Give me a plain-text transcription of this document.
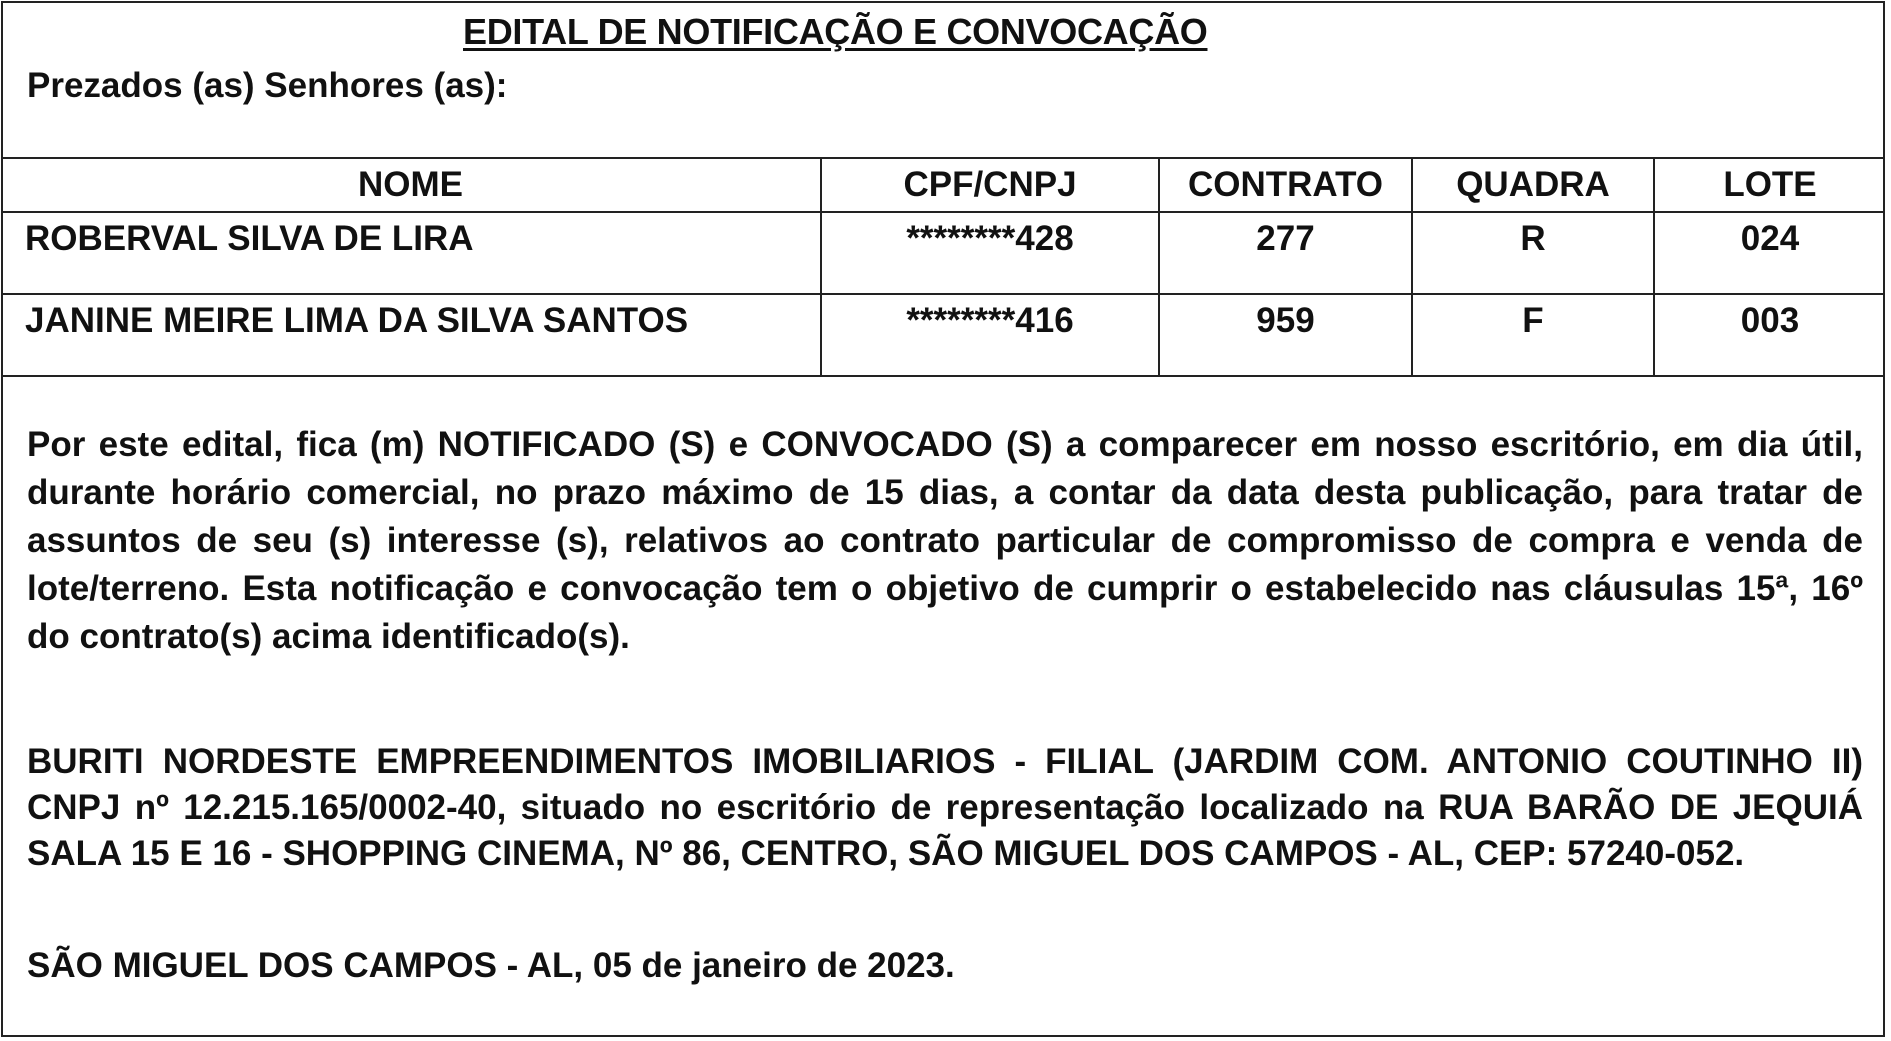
EDITAL DE NOTIFICAÇÃO E CONVOCAÇÃO
Prezados (as) Senhores (as):
NOME	CPF/CNPJ	CONTRATO	QUADRA	LOTE
ROBERVAL SILVA DE LIRA	********428	277	R	024
JANINE MEIRE LIMA DA SILVA SANTOS	********416	959	F	003

Por este edital, fica (m) NOTIFICADO (S) e CONVOCADO (S) a comparecer em nosso escritório, em dia útil, durante horário comercial, no prazo máximo de 15 dias, a contar da data desta publicação, para tratar de assuntos de seu (s) interesse (s), relativos ao contrato particular de compromisso de compra e venda de lote/terreno. Esta notificação e convocação tem o objetivo de cumprir o estabelecido nas cláusulas 15ª, 16º do contrato(s) acima identificado(s).

BURITI NORDESTE EMPREENDIMENTOS IMOBILIARIOS - FILIAL (JARDIM COM. ANTONIO COUTINHO II) CNPJ nº 12.215.165/0002-40, situado no escritório de representação localizado na RUA BARÃO DE JEQUIÁ SALA 15 E 16 - SHOPPING CINEMA, Nº 86, CENTRO, SÃO MIGUEL DOS CAMPOS - AL, CEP: 57240-052.

SÃO MIGUEL DOS CAMPOS - AL, 05 de janeiro de 2023.
